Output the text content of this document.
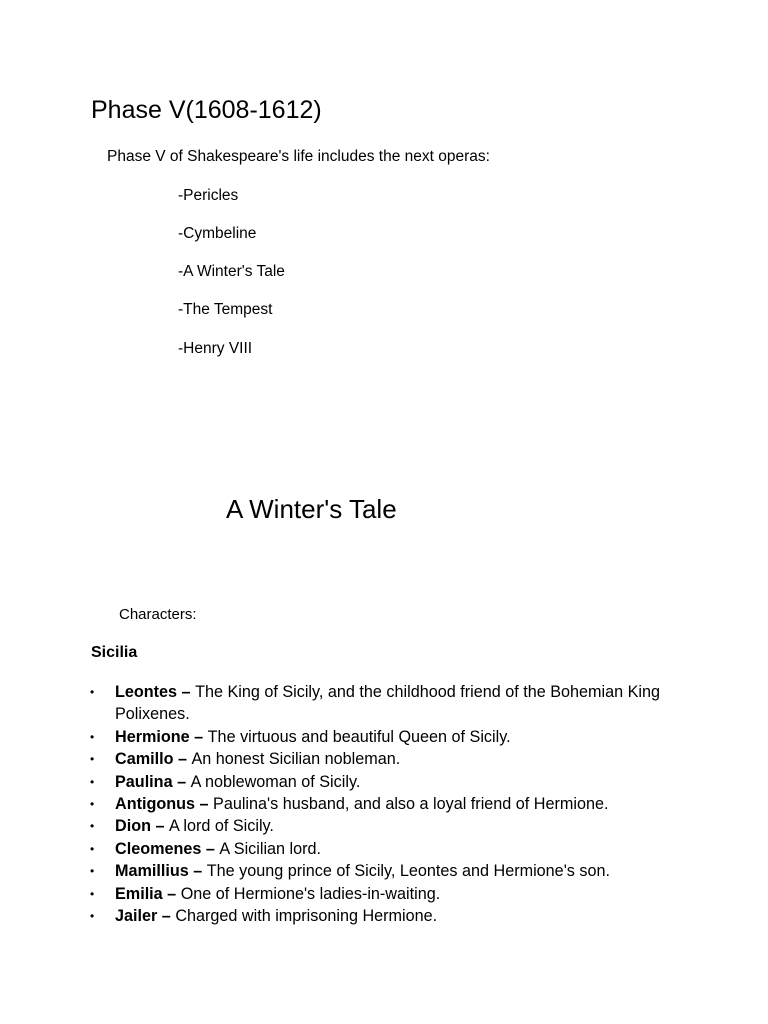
Phase V(1608-1612)
Phase V of Shakespeare's life includes the next operas:
-Pericles
-Cymbeline
-A Winter's Tale
-The Tempest
-Henry VIII
A Winter's Tale
Characters:
Sicilia
• Leontes – The King of Sicily, and the childhood friend of the Bohemian King Polixenes.
• Hermione – The virtuous and beautiful Queen of Sicily.
• Camillo – An honest Sicilian nobleman.
• Paulina – A noblewoman of Sicily.
• Antigonus – Paulina's husband, and also a loyal friend of Hermione.
• Dion – A lord of Sicily.
• Cleomenes – A Sicilian lord.
• Mamillius – The young prince of Sicily, Leontes and Hermione's son.
• Emilia – One of Hermione's ladies-in-waiting.
• Jailer – Charged with imprisoning Hermione.
